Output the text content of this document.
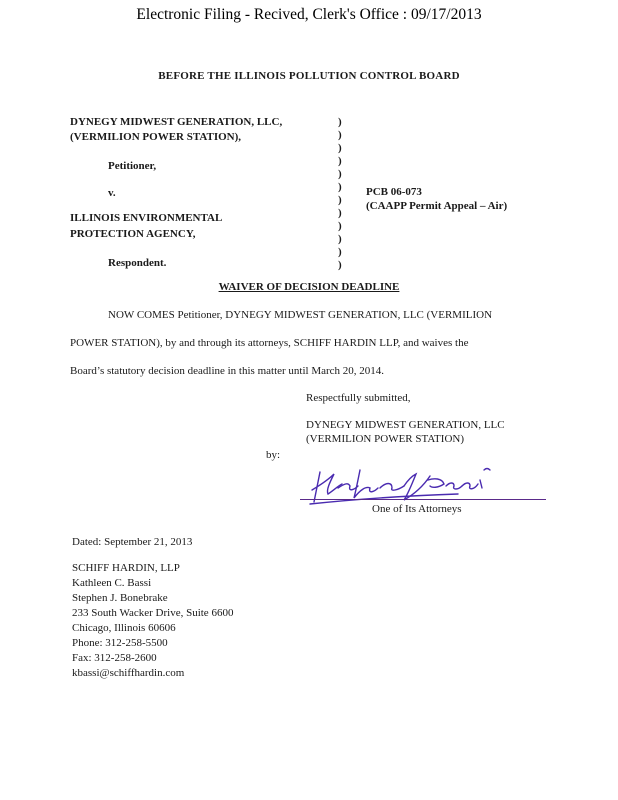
Electronic Filing - Recived, Clerk's Office : 09/17/2013
BEFORE THE ILLINOIS POLLUTION CONTROL BOARD
DYNEGY MIDWEST GENERATION, LLC,
(VERMILION POWER STATION),
Petitioner,
v.
ILLINOIS ENVIRONMENTAL
PROTECTION AGENCY,
Respondent.
)
)
)
)
)
)
)
)
)
)
)
)
PCB 06-073
(CAAPP Permit Appeal – Air)
WAIVER OF DECISION DEADLINE
NOW COMES Petitioner, DYNEGY MIDWEST GENERATION, LLC (VERMILION
POWER STATION), by and through its attorneys, SCHIFF HARDIN LLP, and waives the
Board’s statutory decision deadline in this matter until March 20, 2014.
Respectfully submitted,
DYNEGY MIDWEST GENERATION, LLC
(VERMILION POWER STATION)
by:
One of Its Attorneys
Dated: September 21, 2013
SCHIFF HARDIN, LLP
Kathleen C. Bassi
Stephen J. Bonebrake
233 South Wacker Drive, Suite 6600
Chicago, Illinois 60606
Phone: 312-258-5500
Fax: 312-258-2600
kbassi@schiffhardin.com
